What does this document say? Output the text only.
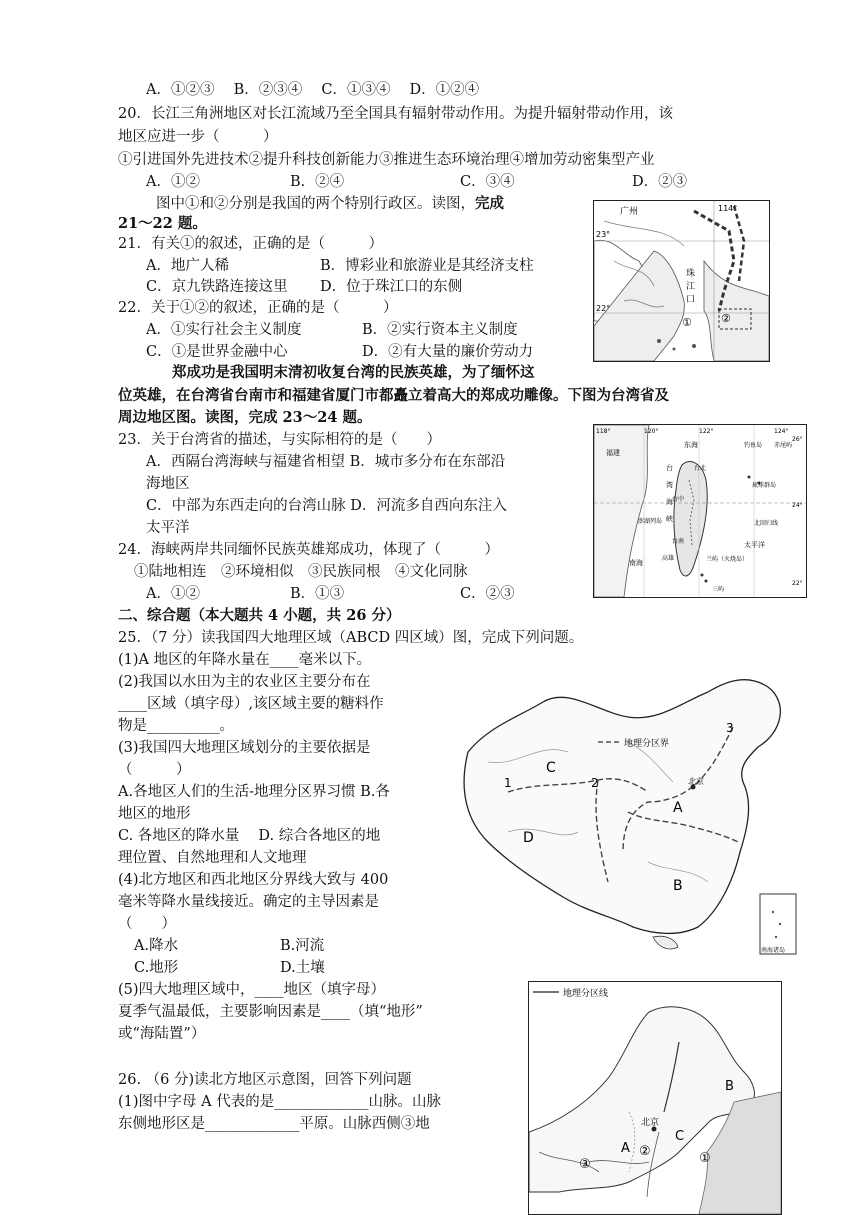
A．①②③　 B．②③④　 C．①③④　 D．①②④
20．长江三角洲地区对长江流域乃至全国具有辐射带动作用。为提升辐射带动作用，该
地区应进一步（　　　）
①引进国外先进技术②提升科技创新能力③推进生态环境治理④增加劳动密集型产业
A．①②	B．②④	C．③④	D．②③
图中①和②分别是我国的两个特别行政区。读图，完成
21～22 题。
21．有关①的叙述，正确的是（　　　）
A．地广人稀	B．博彩业和旅游业是其经济支柱
C．京九铁路连接这里 D．位于珠江口的东侧
22．关于①②的叙述，正确的是（　　　）
A．①实行社会主义制度	B．②实行资本主义制度
C．①是世界金融中心	D．②有大量的廉价劳动力
郑成功是我国明末清初收复台湾的民族英雄，为了缅怀这
位英雄，在台湾省台南市和福建省厦门市都矗立着高大的郑成功雕像。下图为台湾省及
周边地区图。读图，完成 23～24 题。
23．关于台湾省的描述，与实际相符的是（　　）
A．西隔台湾海峡与福建省相望 B．城市多分布在东部沿
海地区
C．中部为东西走向的台湾山脉 D．河流多自西向东注入
太平洋
24．海峡两岸共同缅怀民族英雄郑成功，体现了（　　　）
①陆地相连　②环境相似　③民族同根　④文化同脉
A．①②	B．①③	C．②③
二、综合题（本大题共 4 小题，共 26 分）
25．（7 分）读我国四大地理区域（ABCD 四区域）图，完成下列问题。
(1)A 地区的年降水量在____毫米以下。
(2)我国以水田为主的农业区主要分布在
____区域（填字母）,该区域主要的糖料作
物是__________。
(3)我国四大地理区域划分的主要依据是
（　　　）
A.各地区人们的生活-地理分区界习惯 B.各
地区的地形
C. 各地区的降水量　 D. 综合各地区的地
理位置、自然地理和人文地理
(4)北方地区和西北地区分界线大致与 400
毫米等降水量线接近。确定的主导因素是
（　　）
A.降水	B.河流
C.地形	D.土壤
(5)四大地理区域中，____地区（填字母）
夏季气温最低，主要影响因素是____（填“地形”
或“海陆置”）
26. （6 分)读北方地区示意图，回答下列问题
(1)图中字母 A 代表的是_____________山脉。山脉
东侧地形区是_____________平原。山脉西侧③地
广州	114°
23°
22°
珠
江
口
①	②
118°	120°	122°	124°
26°
24°
22°
福建
东海	钓鱼岛 赤尾屿
台
湾
海
峡
澎湖列岛
琉球群岛
北回归线
太平洋
南海
高雄	兰屿（火烧岛）
三屿
台北
台中
台南
地理分区界
A
B
C
D
1	2
3
北京
南海诸岛
地理分区线
北京
①
②
③
A
B
C
